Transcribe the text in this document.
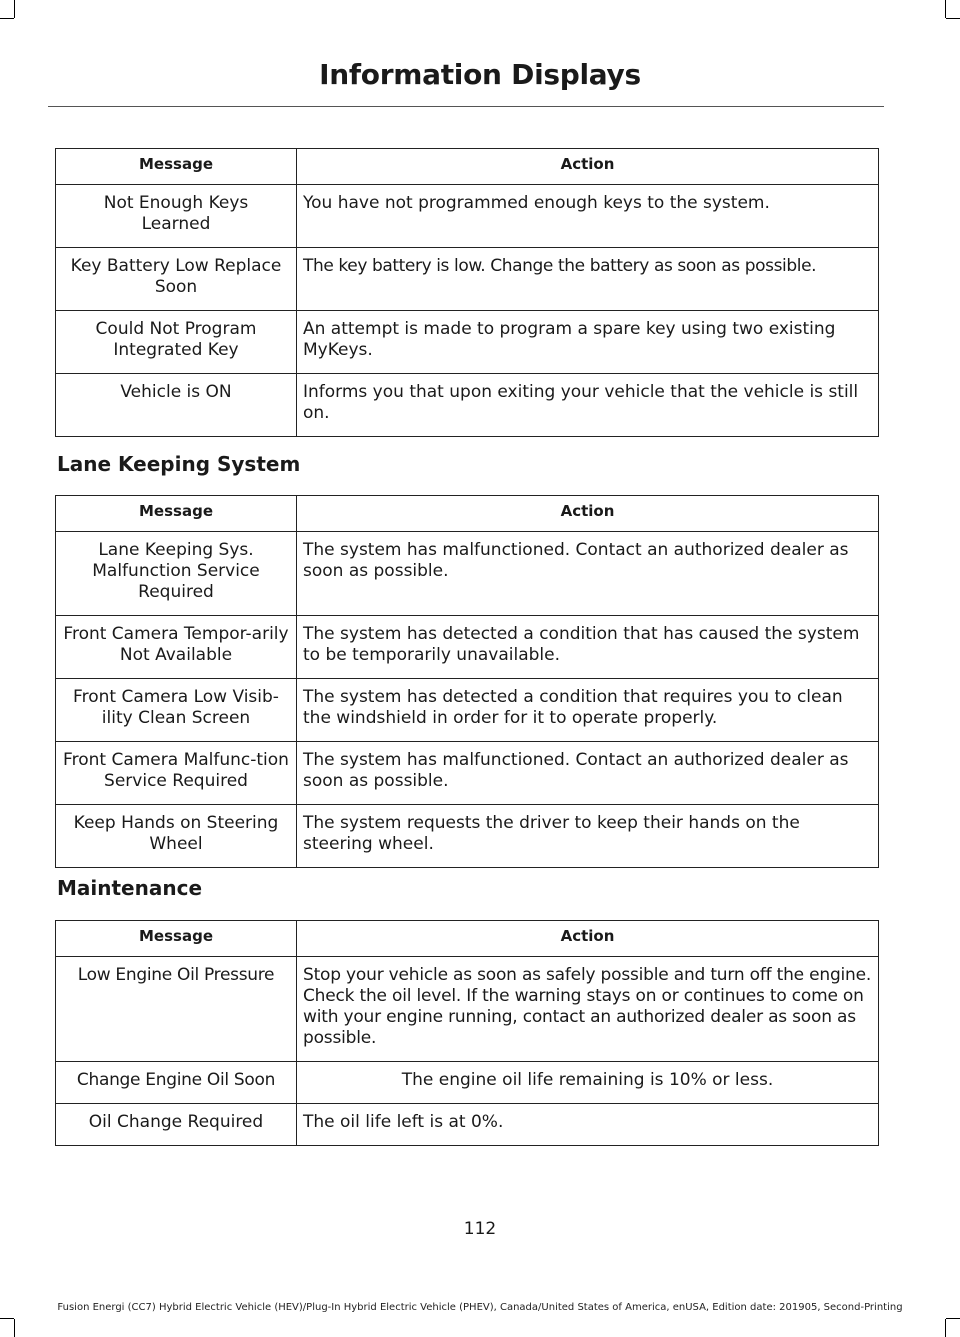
Information Displays
Message	Action
Not Enough Keys Learned	You have not programmed enough keys to the system.
Key Battery Low Replace Soon	The key battery is low. Change the battery as soon as possible.
Could Not Program Integrated Key	An attempt is made to program a spare key using two existing MyKeys.
Vehicle is ON	Informs you that upon exiting your vehicle that the vehicle is still on.
Lane Keeping System
Message	Action
Lane Keeping Sys. Malfunction Service Required	The system has malfunctioned. Contact an authorized dealer as soon as possible.
Front Camera Tempor-arily Not Available	The system has detected a condition that has caused the system to be temporarily unavailable.
Front Camera Low Visib-ility Clean Screen	The system has detected a condition that requires you to clean the windshield in order for it to operate properly.
Front Camera Malfunc-tion Service Required	The system has malfunctioned. Contact an authorized dealer as soon as possible.
Keep Hands on Steering Wheel	The system requests the driver to keep their hands on the steering wheel.
Maintenance
Message	Action
Low Engine Oil Pressure	Stop your vehicle as soon as safely possible and turn off the engine. Check the oil level. If the warning stays on or continues to come on with your engine running, contact an authorized dealer as soon as possible.
Change Engine Oil Soon	The engine oil life remaining is 10% or less.
Oil Change Required	The oil life left is at 0%.
112
Fusion Energi (CC7) Hybrid Electric Vehicle (HEV)/Plug-In Hybrid Electric Vehicle (PHEV), Canada/United States of America, enUSA, Edition date: 201905, Second-Printing
